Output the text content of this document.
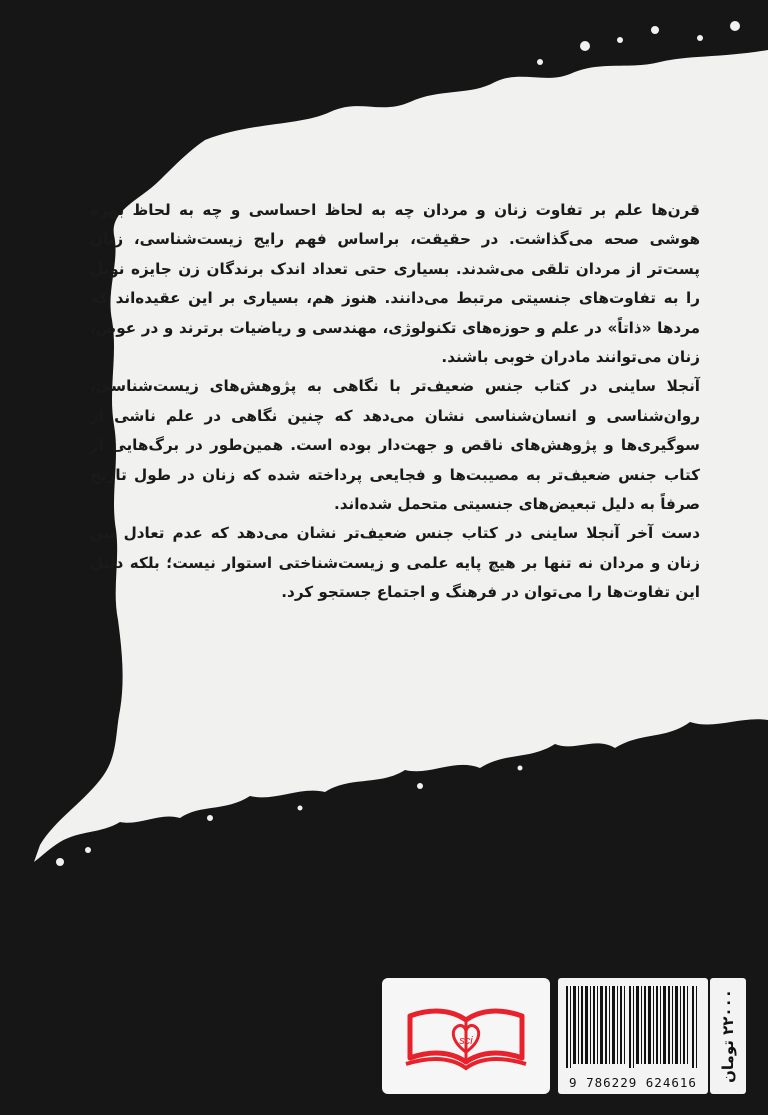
قرن‌ها علم بر تفاوت زنان و مردان چه به لحاظ احساسی و چه به لحاظ بهره هوشی صحه می‌گذاشت. در حقیقت، براساس فهم رایج زیست‌شناسی، زنان پست‌تر از مردان تلقی می‌شدند. بسیاری حتی تعداد اندک برندگان زن جایزه نوبل را به تفاوت‌های جنسیتی مرتبط می‌دانند. هنوز هم، بسیاری بر این عقیده‌اند که مردها «ذاتاً» در علم و حوزه‌های تکنولوژی، مهندسی و ریاضیات برترند و در عوض، زنان می‌توانند مادران خوبی باشند.

آنجلا ساینی در کتاب جنس ضعیف‌تر با نگاهی به پژوهش‌های زیست‌شناسی، روان‌شناسی و انسان‌شناسی نشان می‌دهد که چنین نگاهی در علم ناشی از سوگیری‌ها و پژوهش‌های ناقص و جهت‌دار بوده است. همین‌طور در برگ‌هایی از کتاب جنس ضعیف‌تر به مصیبت‌ها و فجایعی پرداخته شده که زنان در طول تاریخ صرفاً به دلیل تبعیض‌های جنسیتی متحمل شده‌اند.

دست آخر آنجلا ساینی در کتاب جنس ضعیف‌تر نشان می‌دهد که عدم تعادل بین زنان و مردان نه تنها بر هیچ پایه علمی و زیست‌شناختی استوار نیست؛ بلکه دلیل این تفاوت‌ها را می‌توان در فرهنگ و اجتماع جستجو کرد.

sci
9 786229 624616	۲۲۰۰۰ تومان
